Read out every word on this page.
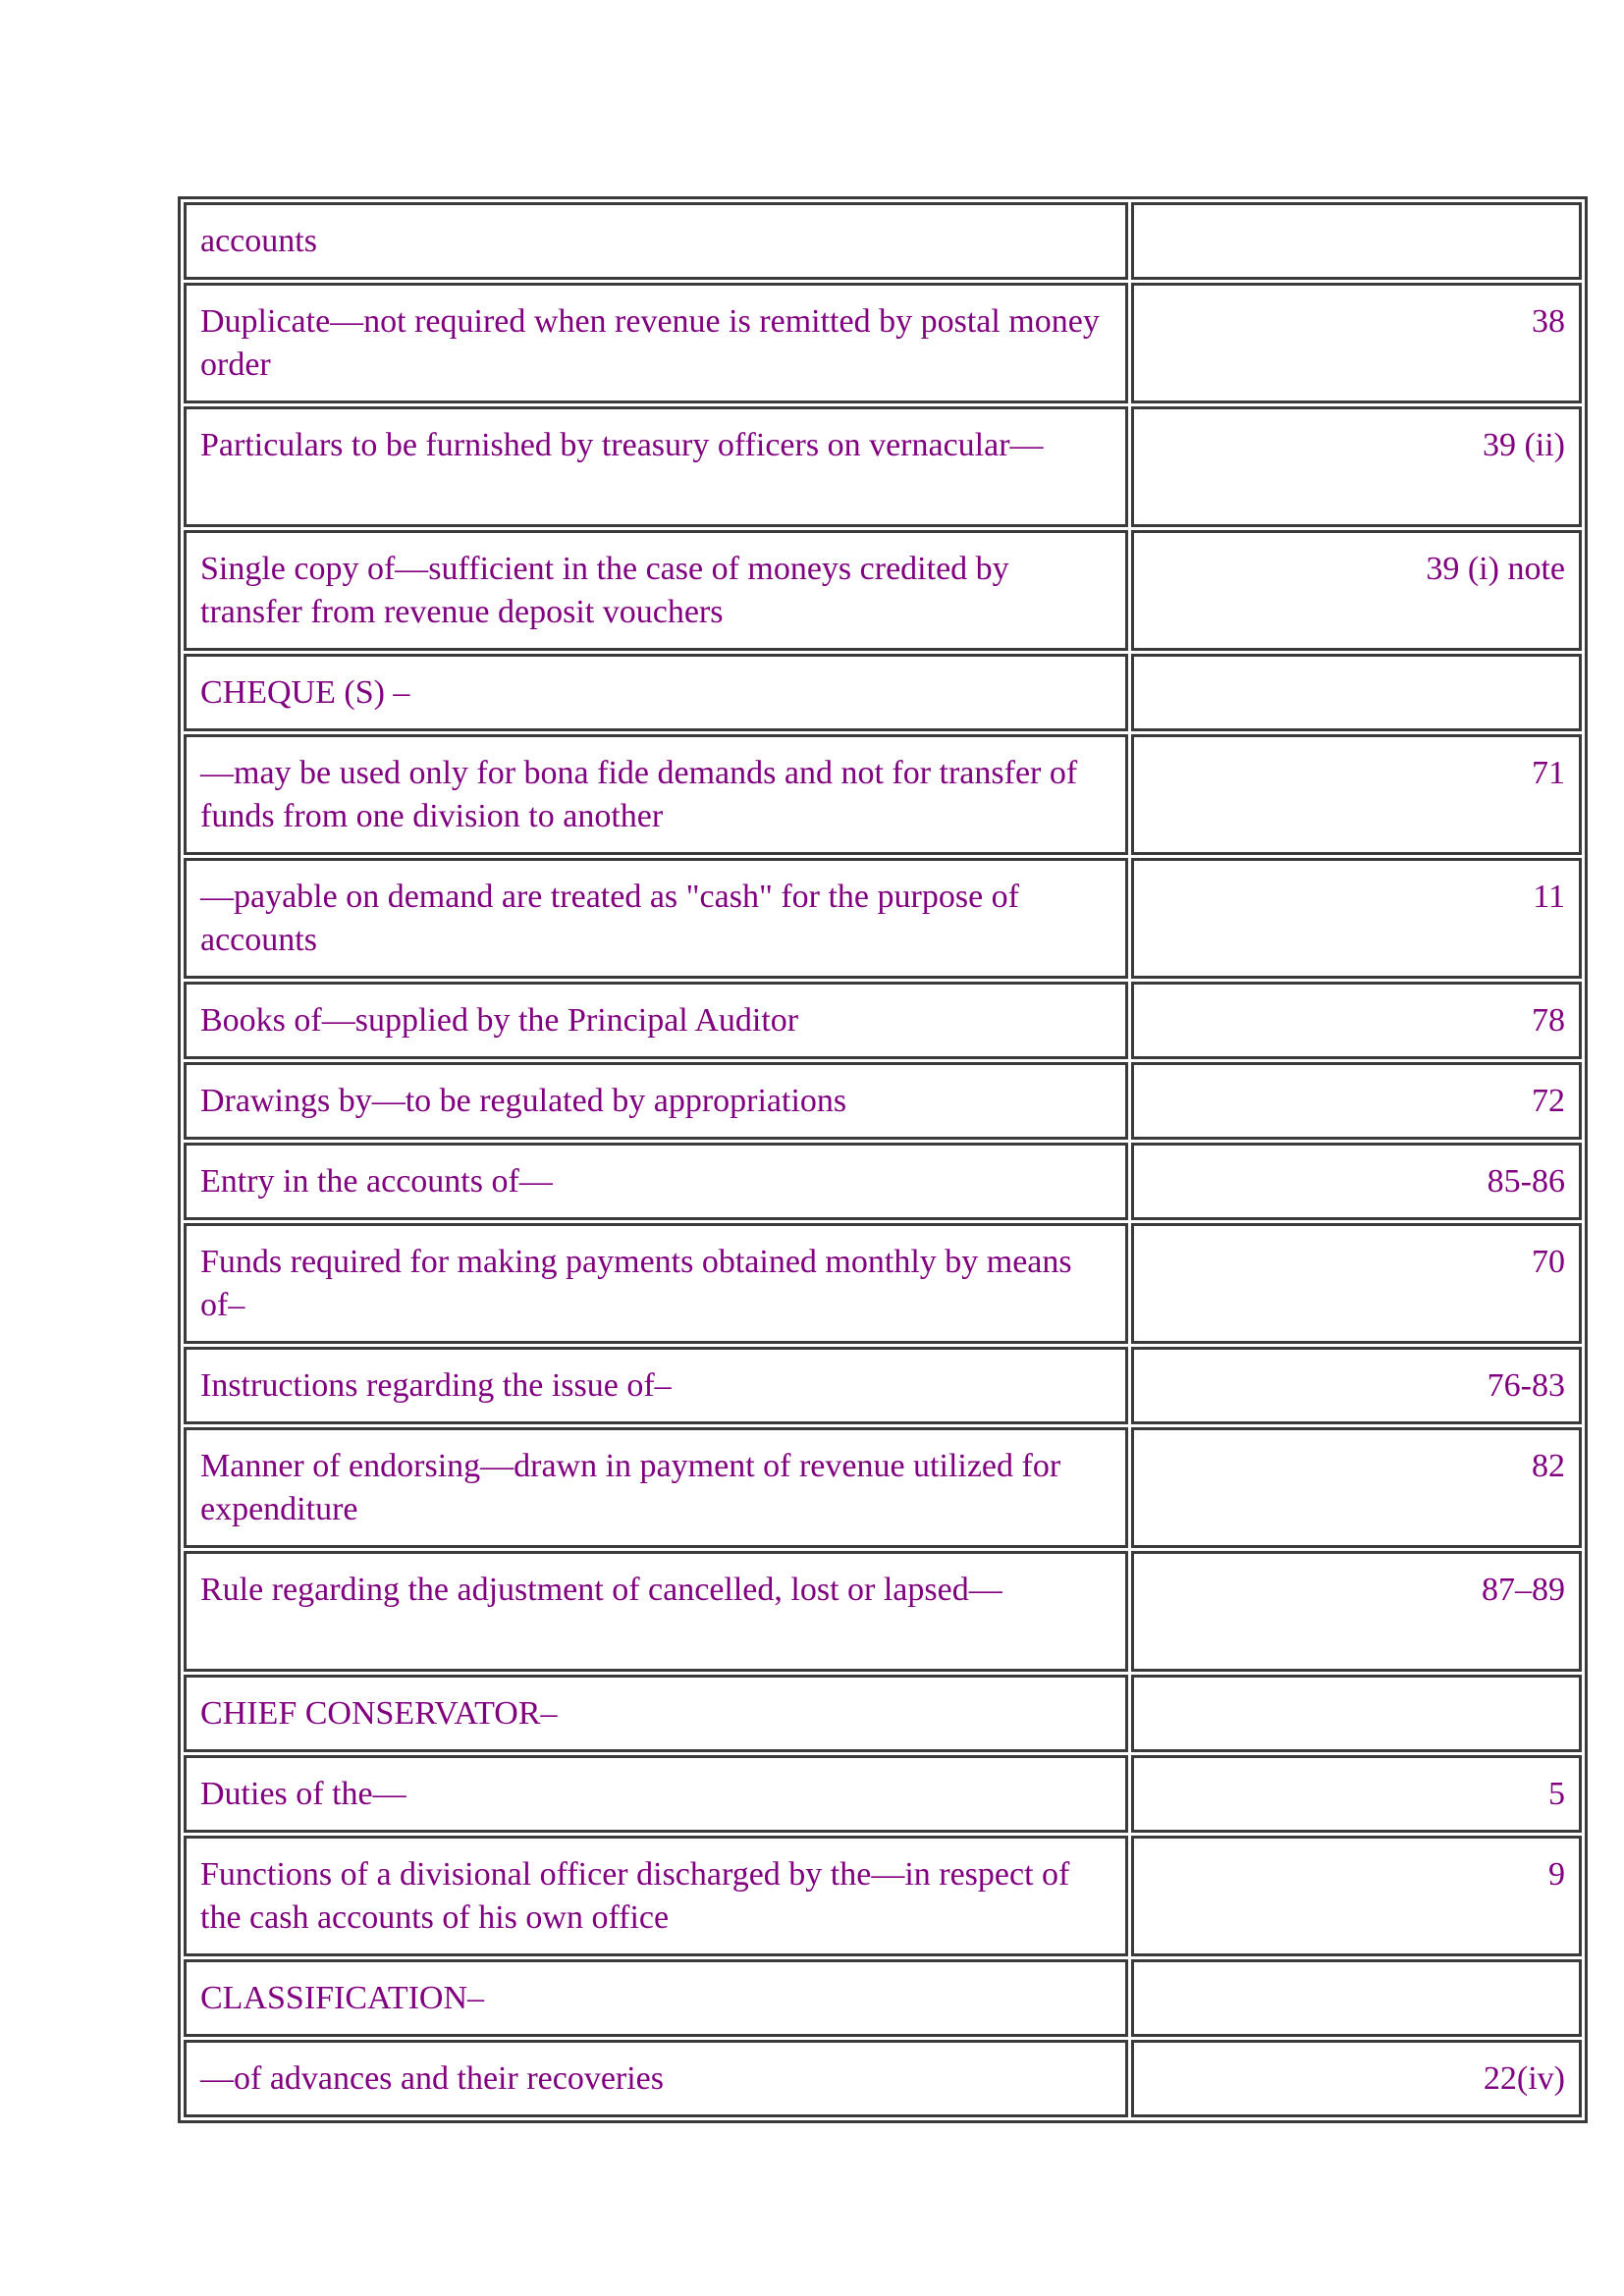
accounts	
Duplicate—not required when revenue is remitted by postal money order	38
Particulars to be furnished by treasury officers on vernacular—	39 (ii)
Single copy of—sufficient in the case of moneys credited by transfer from revenue deposit vouchers	39 (i) note
CHEQUE (S) –	
—may be used only for bona fide demands and not for transfer of funds from one division to another	71
—payable on demand are treated as "cash" for the purpose of accounts	11
Books of—supplied by the Principal Auditor	78
Drawings by—to be regulated by appropriations	72
Entry in the accounts of—	85-86
Funds required for making payments obtained monthly by means of–	70
Instructions regarding the issue of–	76-83
Manner of endorsing—drawn in payment of revenue utilized for expenditure	82
Rule regarding the adjustment of cancelled, lost or lapsed—	87–89
CHIEF CONSERVATOR–	
Duties of the—	5
Functions of a divisional officer discharged by the—in respect of the cash accounts of his own office	9
CLASSIFICATION–	
—of advances and their recoveries	22(iv)
